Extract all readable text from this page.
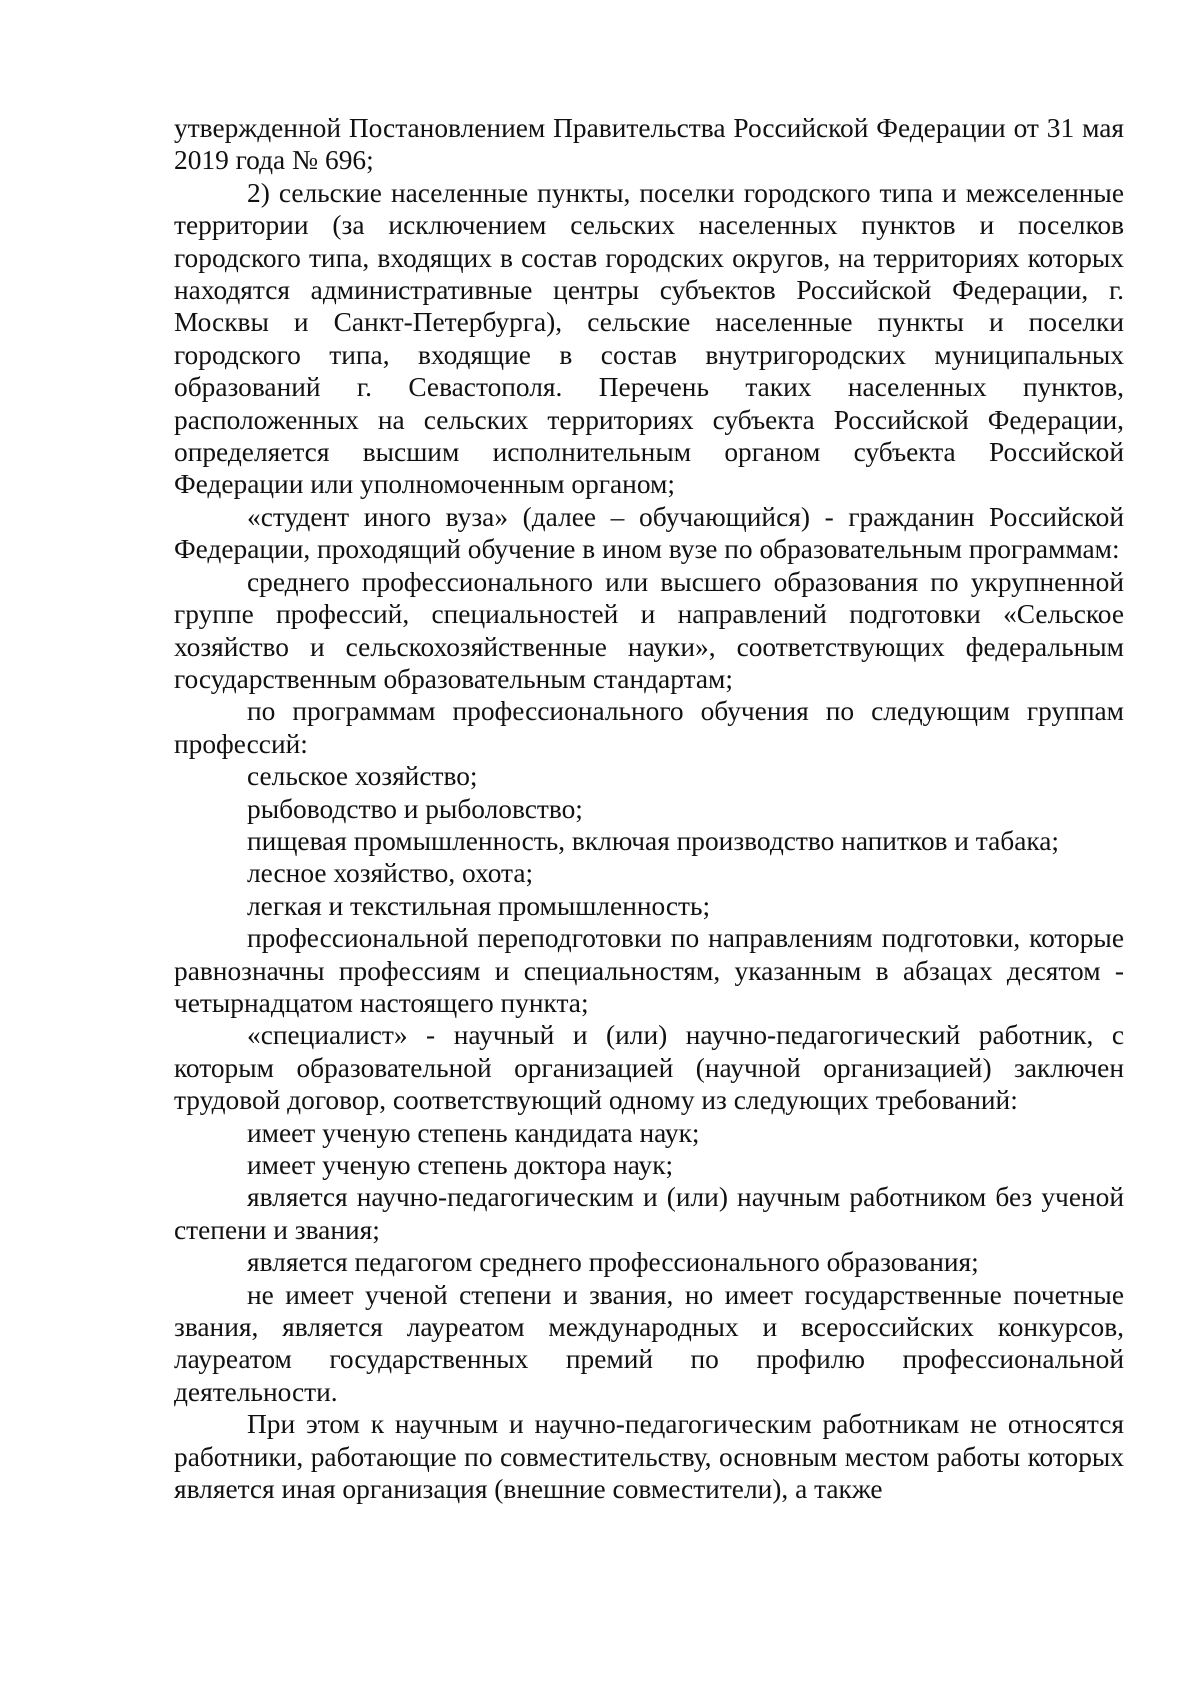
утвержденной Постановлением Правительства Российской Федерации от 31 мая 2019 года № 696;

2) сельские населенные пункты, поселки городского типа и межселенные территории (за исключением сельских населенных пунктов и поселков городского типа, входящих в состав городских округов, на территориях которых находятся административные центры субъектов Российской Федерации, г. Москвы и Санкт-Петербурга), сельские населенные пункты и поселки городского типа, входящие в состав внутригородских муниципальных образований г. Севастополя. Перечень таких населенных пунктов, расположенных на сельских территориях субъекта Российской Федерации, определяется высшим исполнительным органом субъекта Российской Федерации или уполномоченным органом;

«студент иного вуза» (далее – обучающийся) - гражданин Российской Федерации, проходящий обучение в ином вузе по образовательным программам:

среднего профессионального или высшего образования по укрупненной группе профессий, специальностей и направлений подготовки «Сельское хозяйство и сельскохозяйственные науки», соответствующих федеральным государственным образовательным стандартам;

по программам профессионального обучения по следующим группам профессий:

сельское хозяйство;

рыбоводство и рыболовство;

пищевая промышленность, включая производство напитков и табака;

лесное хозяйство, охота;

легкая и текстильная промышленность;

профессиональной переподготовки по направлениям подготовки, которые равнозначны профессиям и специальностям, указанным в абзацах десятом - четырнадцатом настоящего пункта;

«специалист» - научный и (или) научно-педагогический работник, с которым образовательной организацией (научной организацией) заключен трудовой договор, соответствующий одному из следующих требований:

имеет ученую степень кандидата наук;

имеет ученую степень доктора наук;

является научно-педагогическим и (или) научным работником без ученой степени и звания;

является педагогом среднего профессионального образования;

не имеет ученой степени и звания, но имеет государственные почетные звания, является лауреатом международных и всероссийских конкурсов, лауреатом государственных премий по профилю профессиональной деятельности.

При этом к научным и научно-педагогическим работникам не относятся работники, работающие по совместительству, основным местом работы которых является иная организация (внешние совместители), а также
